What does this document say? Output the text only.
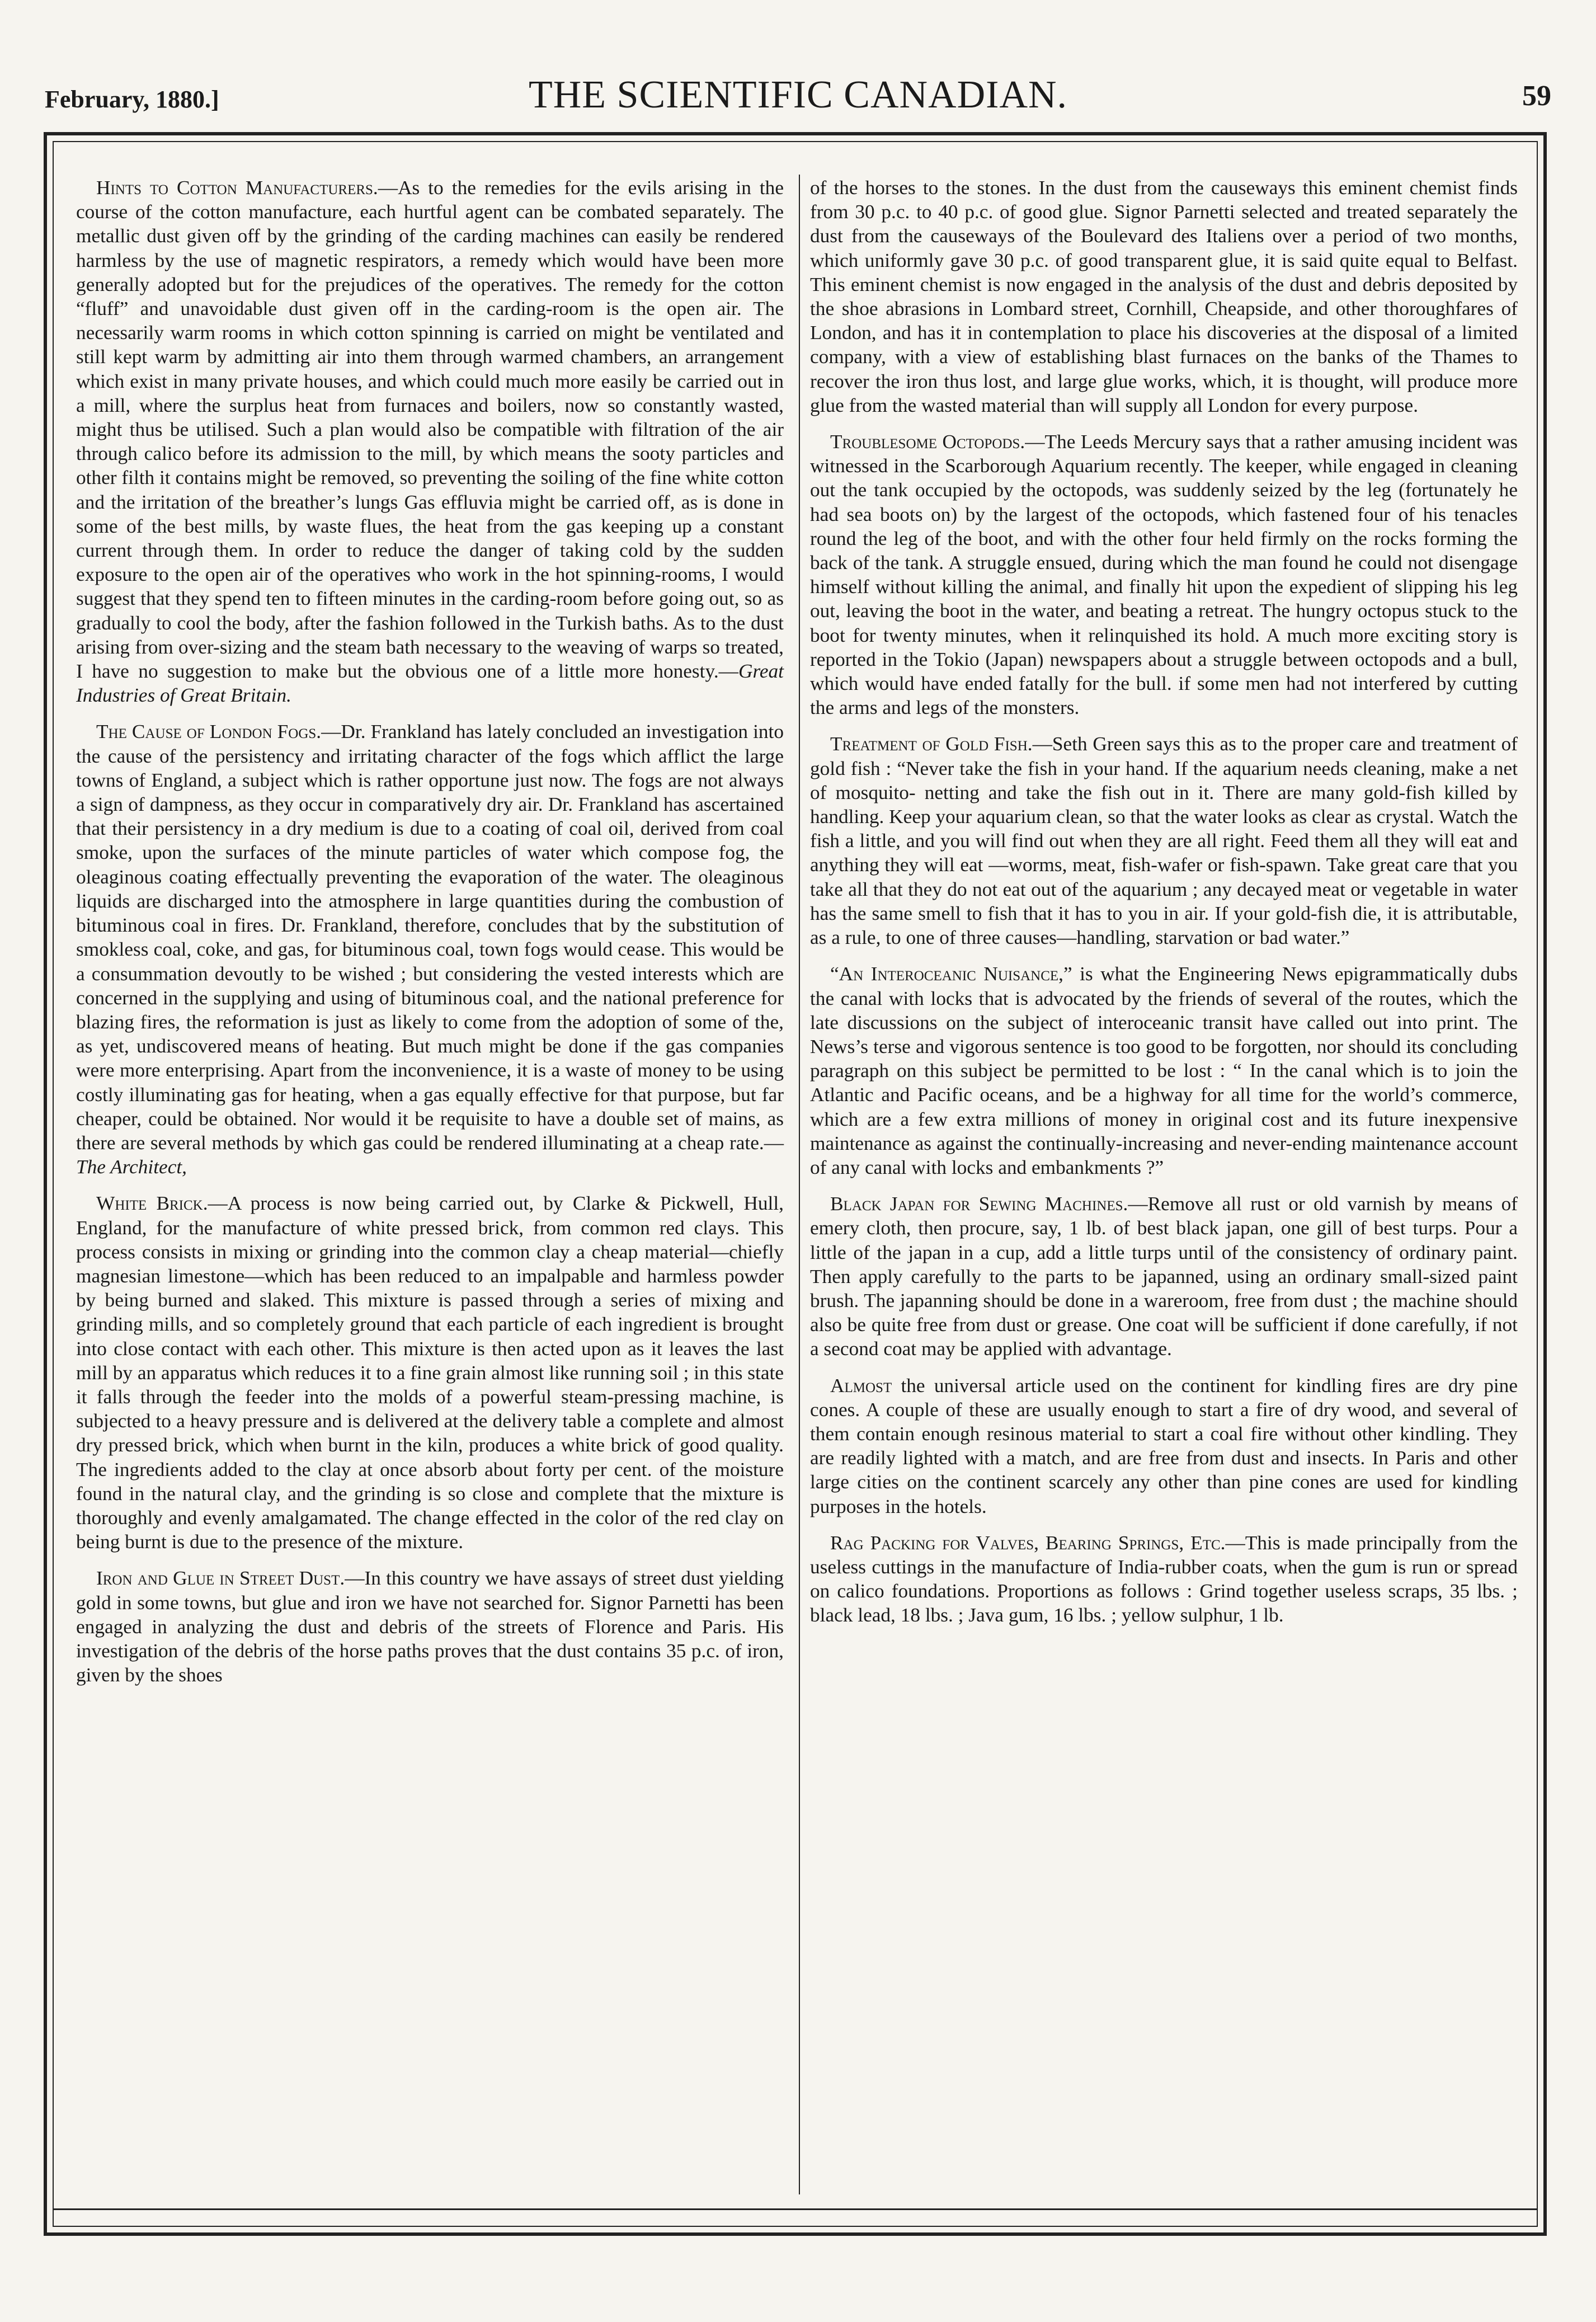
February, 1880.]	THE SCIENTIFIC CANADIAN.	59

Hints to Cotton Manufacturers.—As to the remedies for the evils arising in the course of the cotton manufacture, each hurtful agent can be combated separately. The metallic dust given off by the grinding of the carding machines can easily be rendered harmless by the use of magnetic respirators, a remedy which would have been more generally adopted but for the prejudices of the operatives. The remedy for the cotton “fluff” and unavoidable dust given off in the carding-room is the open air. The necessarily warm rooms in which cotton spinning is carried on might be ventilated and still kept warm by admitting air into them through warmed chambers, an arrangement which exist in many private houses, and which could much more easily be carried out in a mill, where the surplus heat from furnaces and boilers, now so constantly wasted, might thus be utilised. Such a plan would also be compatible with filtration of the air through calico before its admission to the mill, by which means the sooty particles and other filth it contains might be removed, so preventing the soiling of the fine white cotton and the irritation of the breather’s lungs Gas effluvia might be carried off, as is done in some of the best mills, by waste flues, the heat from the gas keeping up a constant current through them. In order to reduce the danger of taking cold by the sudden exposure to the open air of the operatives who work in the hot spinning-rooms, I would suggest that they spend ten to fifteen minutes in the carding-room before going out, so as gradually to cool the body, after the fashion followed in the Turkish baths. As to the dust arising from over-sizing and the steam bath necessary to the weaving of warps so treated, I have no suggestion to make but the obvious one of a little more honesty.—Great Industries of Great Britain.

The Cause of London Fogs.—Dr. Frankland has lately concluded an investigation into the cause of the persistency and irritating character of the fogs which afflict the large towns of England, a subject which is rather opportune just now. The fogs are not always a sign of dampness, as they occur in comparatively dry air. Dr. Frankland has ascertained that their persistency in a dry medium is due to a coating of coal oil, derived from coal smoke, upon the surfaces of the minute particles of water which compose fog, the oleaginous coating effectually preventing the evaporation of the water. The oleaginous liquids are discharged into the atmosphere in large quantities during the combustion of bituminous coal in fires. Dr. Frankland, therefore, concludes that by the substitution of smokless coal, coke, and gas, for bituminous coal, town fogs would cease. This would be a consummation devoutly to be wished ; but considering the vested interests which are concerned in the supplying and using of bituminous coal, and the national preference for blazing fires, the reformation is just as likely to come from the adoption of some of the, as yet, undiscovered means of heating. But much might be done if the gas companies were more enterprising. Apart from the inconvenience, it is a waste of money to be using costly illuminating gas for heating, when a gas equally effective for that purpose, but far cheaper, could be obtained. Nor would it be requisite to have a double set of mains, as there are several methods by which gas could be rendered illuminating at a cheap rate.—The Architect,

White Brick.—A process is now being carried out, by Clarke & Pickwell, Hull, England, for the manufacture of white pressed brick, from common red clays. This process consists in mixing or grinding into the common clay a cheap material—chiefly magnesian limestone—which has been reduced to an impalpable and harmless powder by being burned and slaked. This mixture is passed through a series of mixing and grinding mills, and so completely ground that each particle of each ingredient is brought into close contact with each other. This mixture is then acted upon as it leaves the last mill by an apparatus which reduces it to a fine grain almost like running soil ; in this state it falls through the feeder into the molds of a powerful steam-pressing machine, is subjected to a heavy pressure and is delivered at the delivery table a complete and almost dry pressed brick, which when burnt in the kiln, produces a white brick of good quality. The ingredients added to the clay at once absorb about forty per cent. of the moisture found in the natural clay, and the grinding is so close and complete that the mixture is thoroughly and evenly amalgamated. The change effected in the color of the red clay on being burnt is due to the presence of the mixture.

Iron and Glue in Street Dust.—In this country we have assays of street dust yielding gold in some towns, but glue and iron we have not searched for. Signor Parnetti has been engaged in analyzing the dust and debris of the streets of Florence and Paris. His investigation of the debris of the horse paths proves that the dust contains 35 p.c. of iron, given by the shoes

of the horses to the stones. In the dust from the causeways this eminent chemist finds from 30 p.c. to 40 p.c. of good glue. Signor Parnetti selected and treated separately the dust from the causeways of the Boulevard des Italiens over a period of two months, which uniformly gave 30 p.c. of good transparent glue, it is said quite equal to Belfast. This eminent chemist is now engaged in the analysis of the dust and debris deposited by the shoe abrasions in Lombard street, Cornhill, Cheapside, and other thoroughfares of London, and has it in contemplation to place his discoveries at the disposal of a limited company, with a view of establishing blast furnaces on the banks of the Thames to recover the iron thus lost, and large glue works, which, it is thought, will produce more glue from the wasted material than will supply all London for every purpose.

Troublesome Octopods.—The Leeds Mercury says that a rather amusing incident was witnessed in the Scarborough Aquarium recently. The keeper, while engaged in cleaning out the tank occupied by the octopods, was suddenly seized by the leg (fortunately he had sea boots on) by the largest of the octopods, which fastened four of his tenacles round the leg of the boot, and with the other four held firmly on the rocks forming the back of the tank. A struggle ensued, during which the man found he could not disengage himself without killing the animal, and finally hit upon the expedient of slipping his leg out, leaving the boot in the water, and beating a retreat. The hungry octopus stuck to the boot for twenty minutes, when it relinquished its hold. A much more exciting story is reported in the Tokio (Japan) newspapers about a struggle between octopods and a bull, which would have ended fatally for the bull. if some men had not interfered by cutting the arms and legs of the monsters.

Treatment of Gold Fish.—Seth Green says this as to the proper care and treatment of gold fish : “Never take the fish in your hand. If the aquarium needs cleaning, make a net of mosquito- netting and take the fish out in it. There are many gold-fish killed by handling. Keep your aquarium clean, so that the water looks as clear as crystal. Watch the fish a little, and you will find out when they are all right. Feed them all they will eat and anything they will eat —worms, meat, fish-wafer or fish-spawn. Take great care that you take all that they do not eat out of the aquarium ; any decayed meat or vegetable in water has the same smell to fish that it has to you in air. If your gold-fish die, it is attributable, as a rule, to one of three causes—handling, starvation or bad water.”

“An Interoceanic Nuisance,” is what the Engineering News epigrammatically dubs the canal with locks that is advocated by the friends of several of the routes, which the late discussions on the subject of interoceanic transit have called out into print. The News’s terse and vigorous sentence is too good to be forgotten, nor should its concluding paragraph on this subject be permitted to be lost : “ In the canal which is to join the Atlantic and Pacific oceans, and be a highway for all time for the world’s commerce, which are a few extra millions of money in original cost and its future inexpensive maintenance as against the continually-increasing and never-ending maintenance account of any canal with locks and embankments ?”

Black Japan for Sewing Machines.—Remove all rust or old varnish by means of emery cloth, then procure, say, 1 lb. of best black japan, one gill of best turps. Pour a little of the japan in a cup, add a little turps until of the consistency of ordinary paint. Then apply carefully to the parts to be japanned, using an ordinary small-sized paint brush. The japanning should be done in a wareroom, free from dust ; the machine should also be quite free from dust or grease. One coat will be sufficient if done carefully, if not a second coat may be applied with advantage.

Almost the universal article used on the continent for kindling fires are dry pine cones. A couple of these are usually enough to start a fire of dry wood, and several of them contain enough resinous material to start a coal fire without other kindling. They are readily lighted with a match, and are free from dust and insects. In Paris and other large cities on the continent scarcely any other than pine cones are used for kindling purposes in the hotels.

Rag Packing for Valves, Bearing Springs, Etc.—This is made principally from the useless cuttings in the manufacture of India-rubber coats, when the gum is run or spread on calico foundations. Proportions as follows : Grind together useless scraps, 35 lbs. ; black lead, 18 lbs. ; Java gum, 16 lbs. ; yellow sulphur, 1 lb.
